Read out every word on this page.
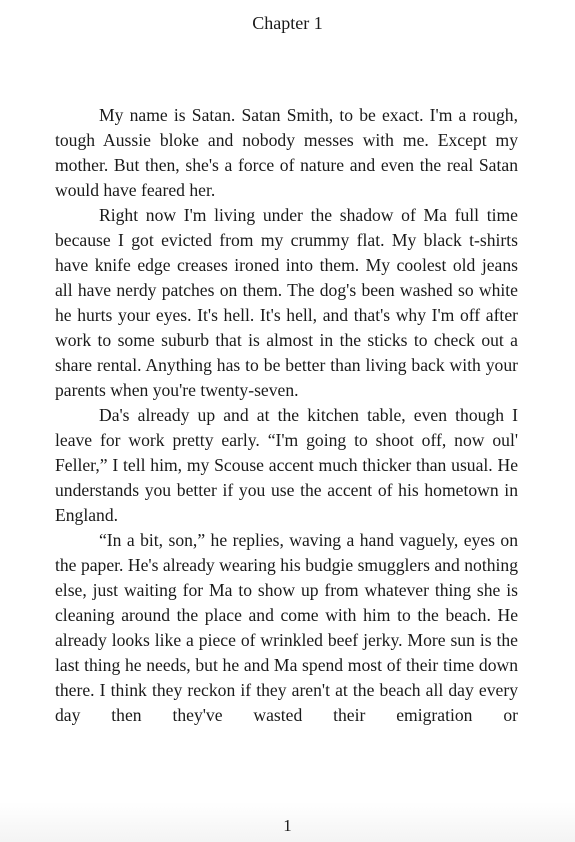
Chapter 1

My name is Satan. Satan Smith, to be exact. I'm a rough, tough Aussie bloke and nobody messes with me. Except my mother. But then, she's a force of nature and even the real Satan would have feared her.

Right now I'm living under the shadow of Ma full time because I got evicted from my crummy flat. My black t-shirts have knife edge creases ironed into them. My coolest old jeans all have nerdy patches on them. The dog's been washed so white he hurts your eyes. It's hell. It's hell, and that's why I'm off after work to some suburb that is almost in the sticks to check out a share rental. Anything has to be better than living back with your parents when you're twenty-seven.

Da's already up and at the kitchen table, even though I leave for work pretty early. “I'm going to shoot off, now oul' Feller,” I tell him, my Scouse accent much thicker than usual. He understands you better if you use the accent of his hometown in England.

“In a bit, son,” he replies, waving a hand vaguely, eyes on the paper. He's already wearing his budgie smugglers and nothing else, just waiting for Ma to show up from whatever thing she is cleaning around the place and come with him to the beach. He already looks like a piece of wrinkled beef jerky. More sun is the last thing he needs, but he and Ma spend most of their time down there. I think they reckon if they aren't at the beach all day every day then they've wasted their emigration or

1
